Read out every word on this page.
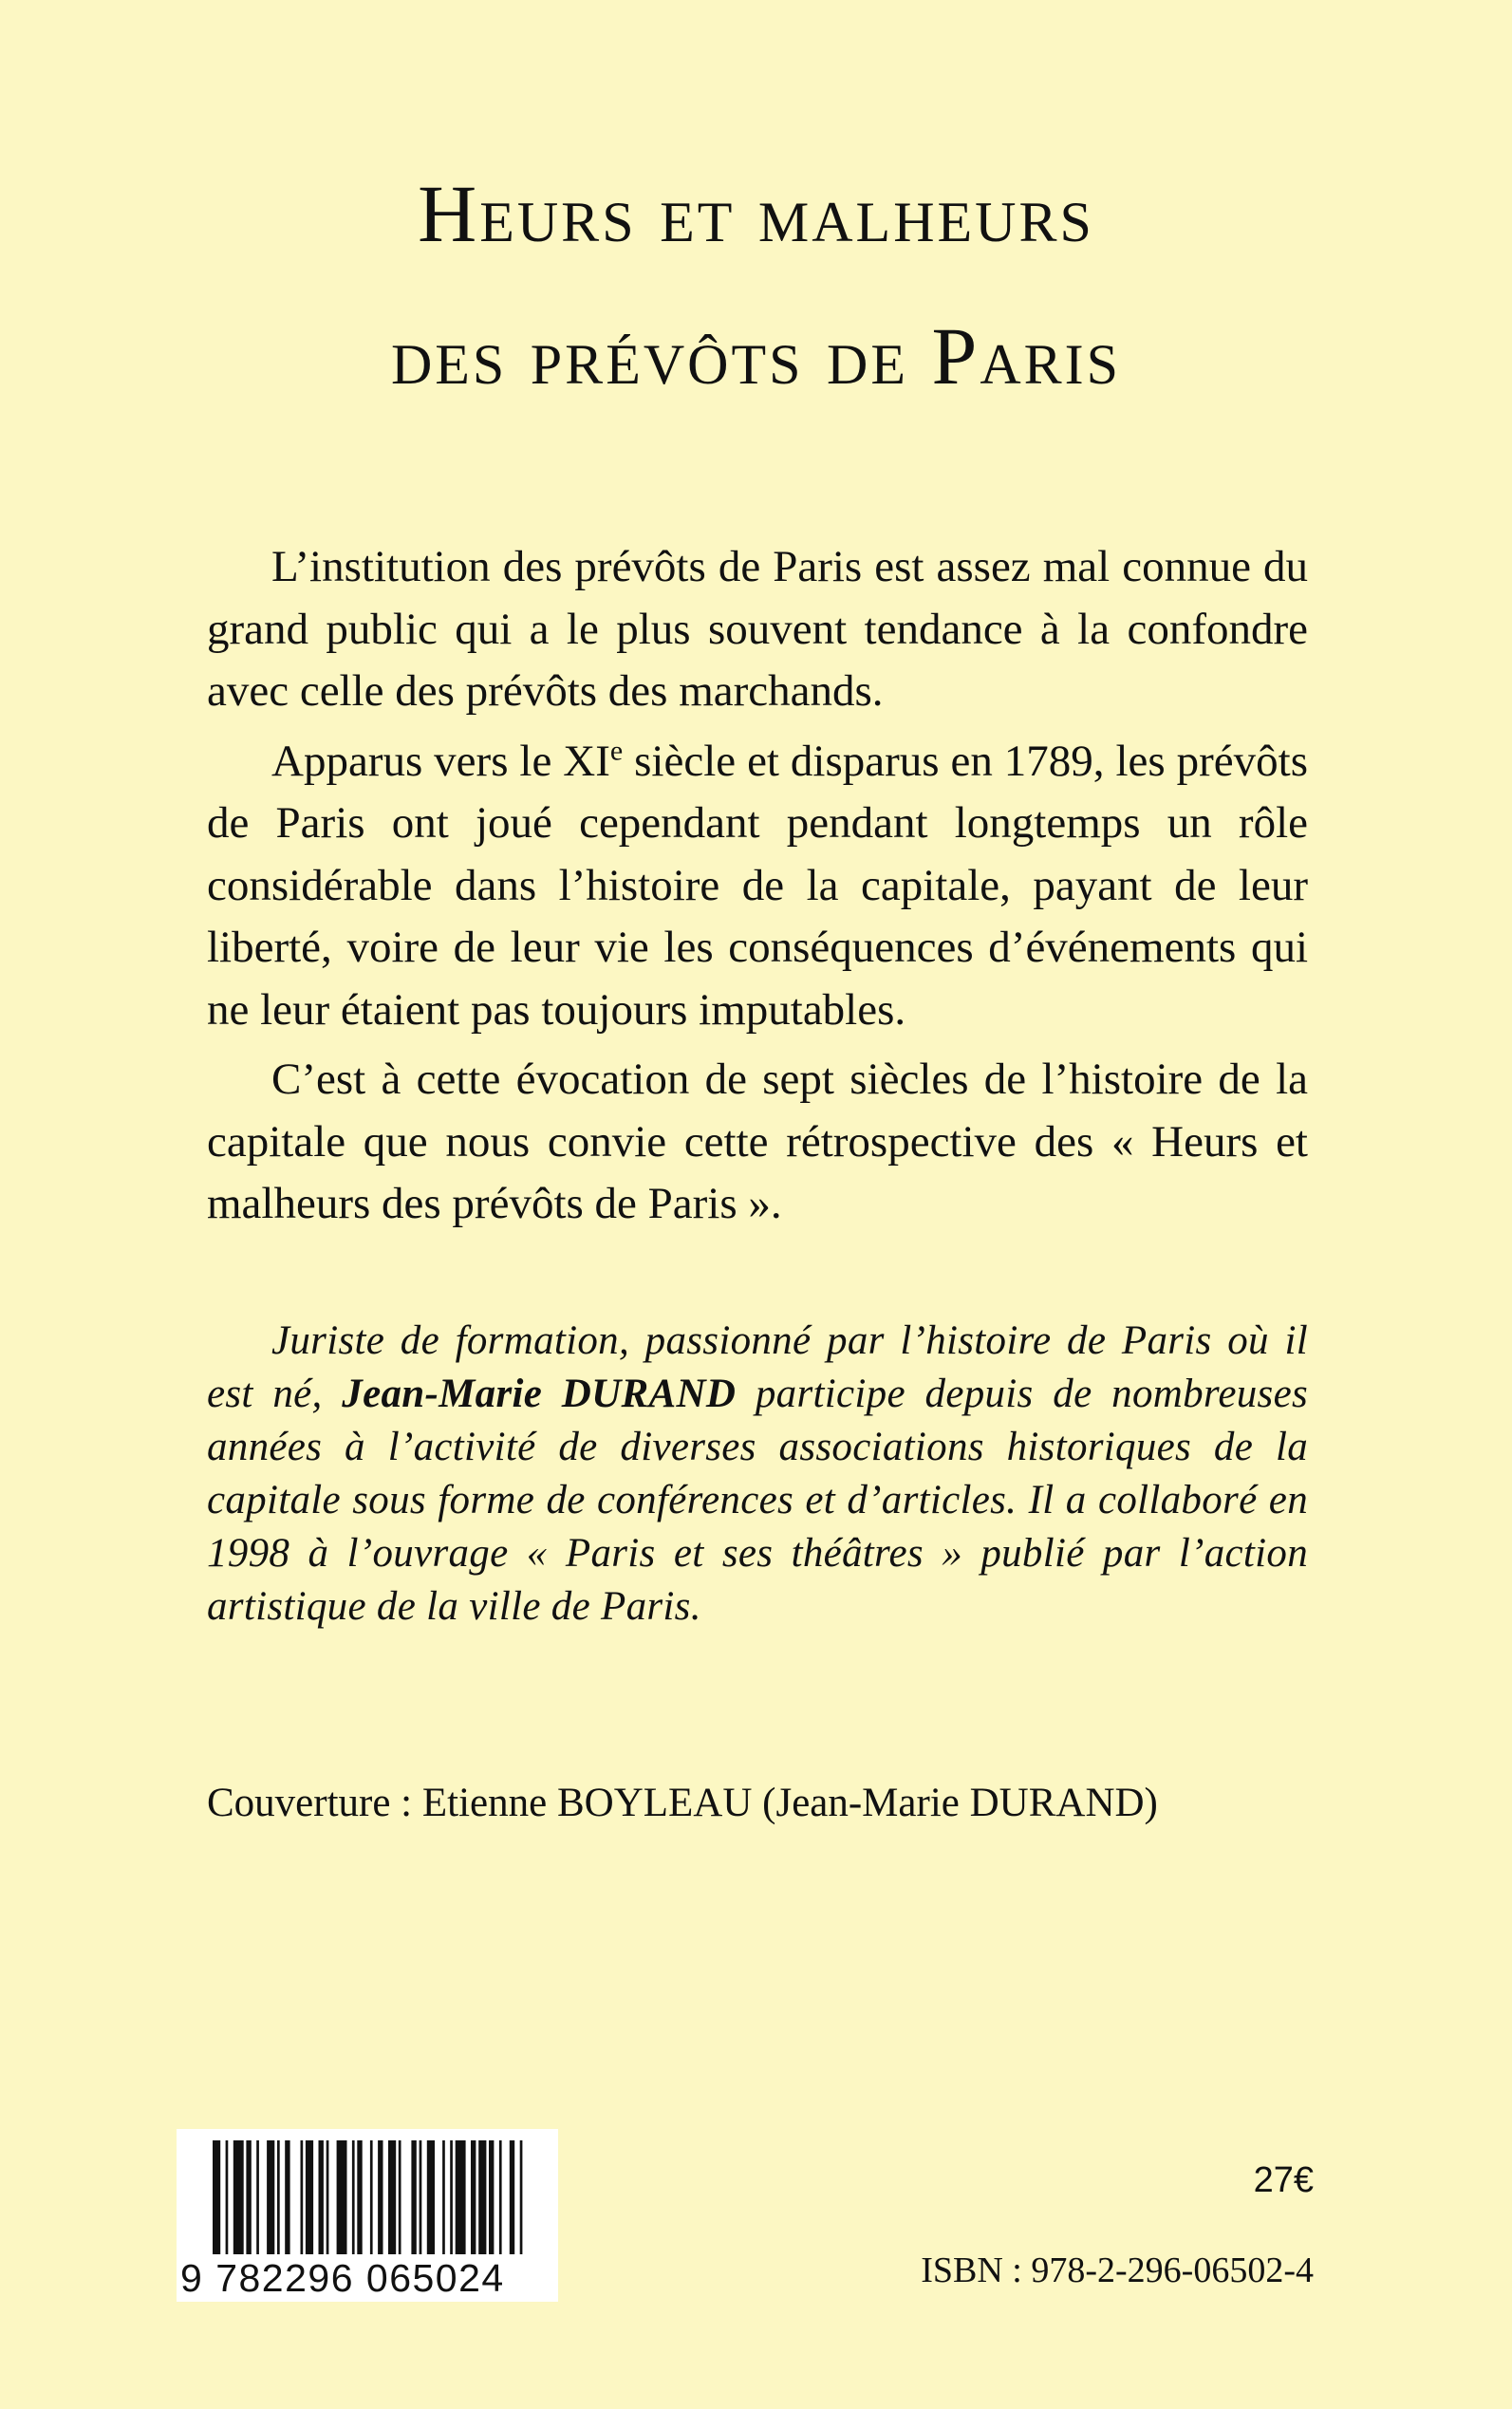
Heurs et malheurs
des prévôts de Paris

L’institution des prévôts de Paris est assez mal connue du grand public qui a le plus souvent tendance à la confondre avec celle des prévôts des marchands.

Apparus vers le XIe siècle et disparus en 1789, les prévôts de Paris ont joué cependant pendant longtemps un rôle considérable dans l’histoire de la capitale, payant de leur liberté, voire de leur vie les conséquences d’événements qui ne leur étaient pas toujours imputables.

C’est à cette évocation de sept siècles de l’histoire de la capitale que nous convie cette rétrospective des « Heurs et malheurs des prévôts de Paris ».

Juriste de formation, passionné par l’histoire de Paris où il est né, Jean-Marie DURAND participe depuis de nombreuses années à l’activité de diverses associations historiques de la capitale sous forme de conférences et d’articles. Il a collaboré en 1998 à l’ouvrage « Paris et ses théâtres » publié par l’action artistique de la ville de Paris.

Couverture : Etienne BOYLEAU (Jean-Marie DURAND)
9 782296 065024
27€
ISBN : 978-2-296-06502-4
